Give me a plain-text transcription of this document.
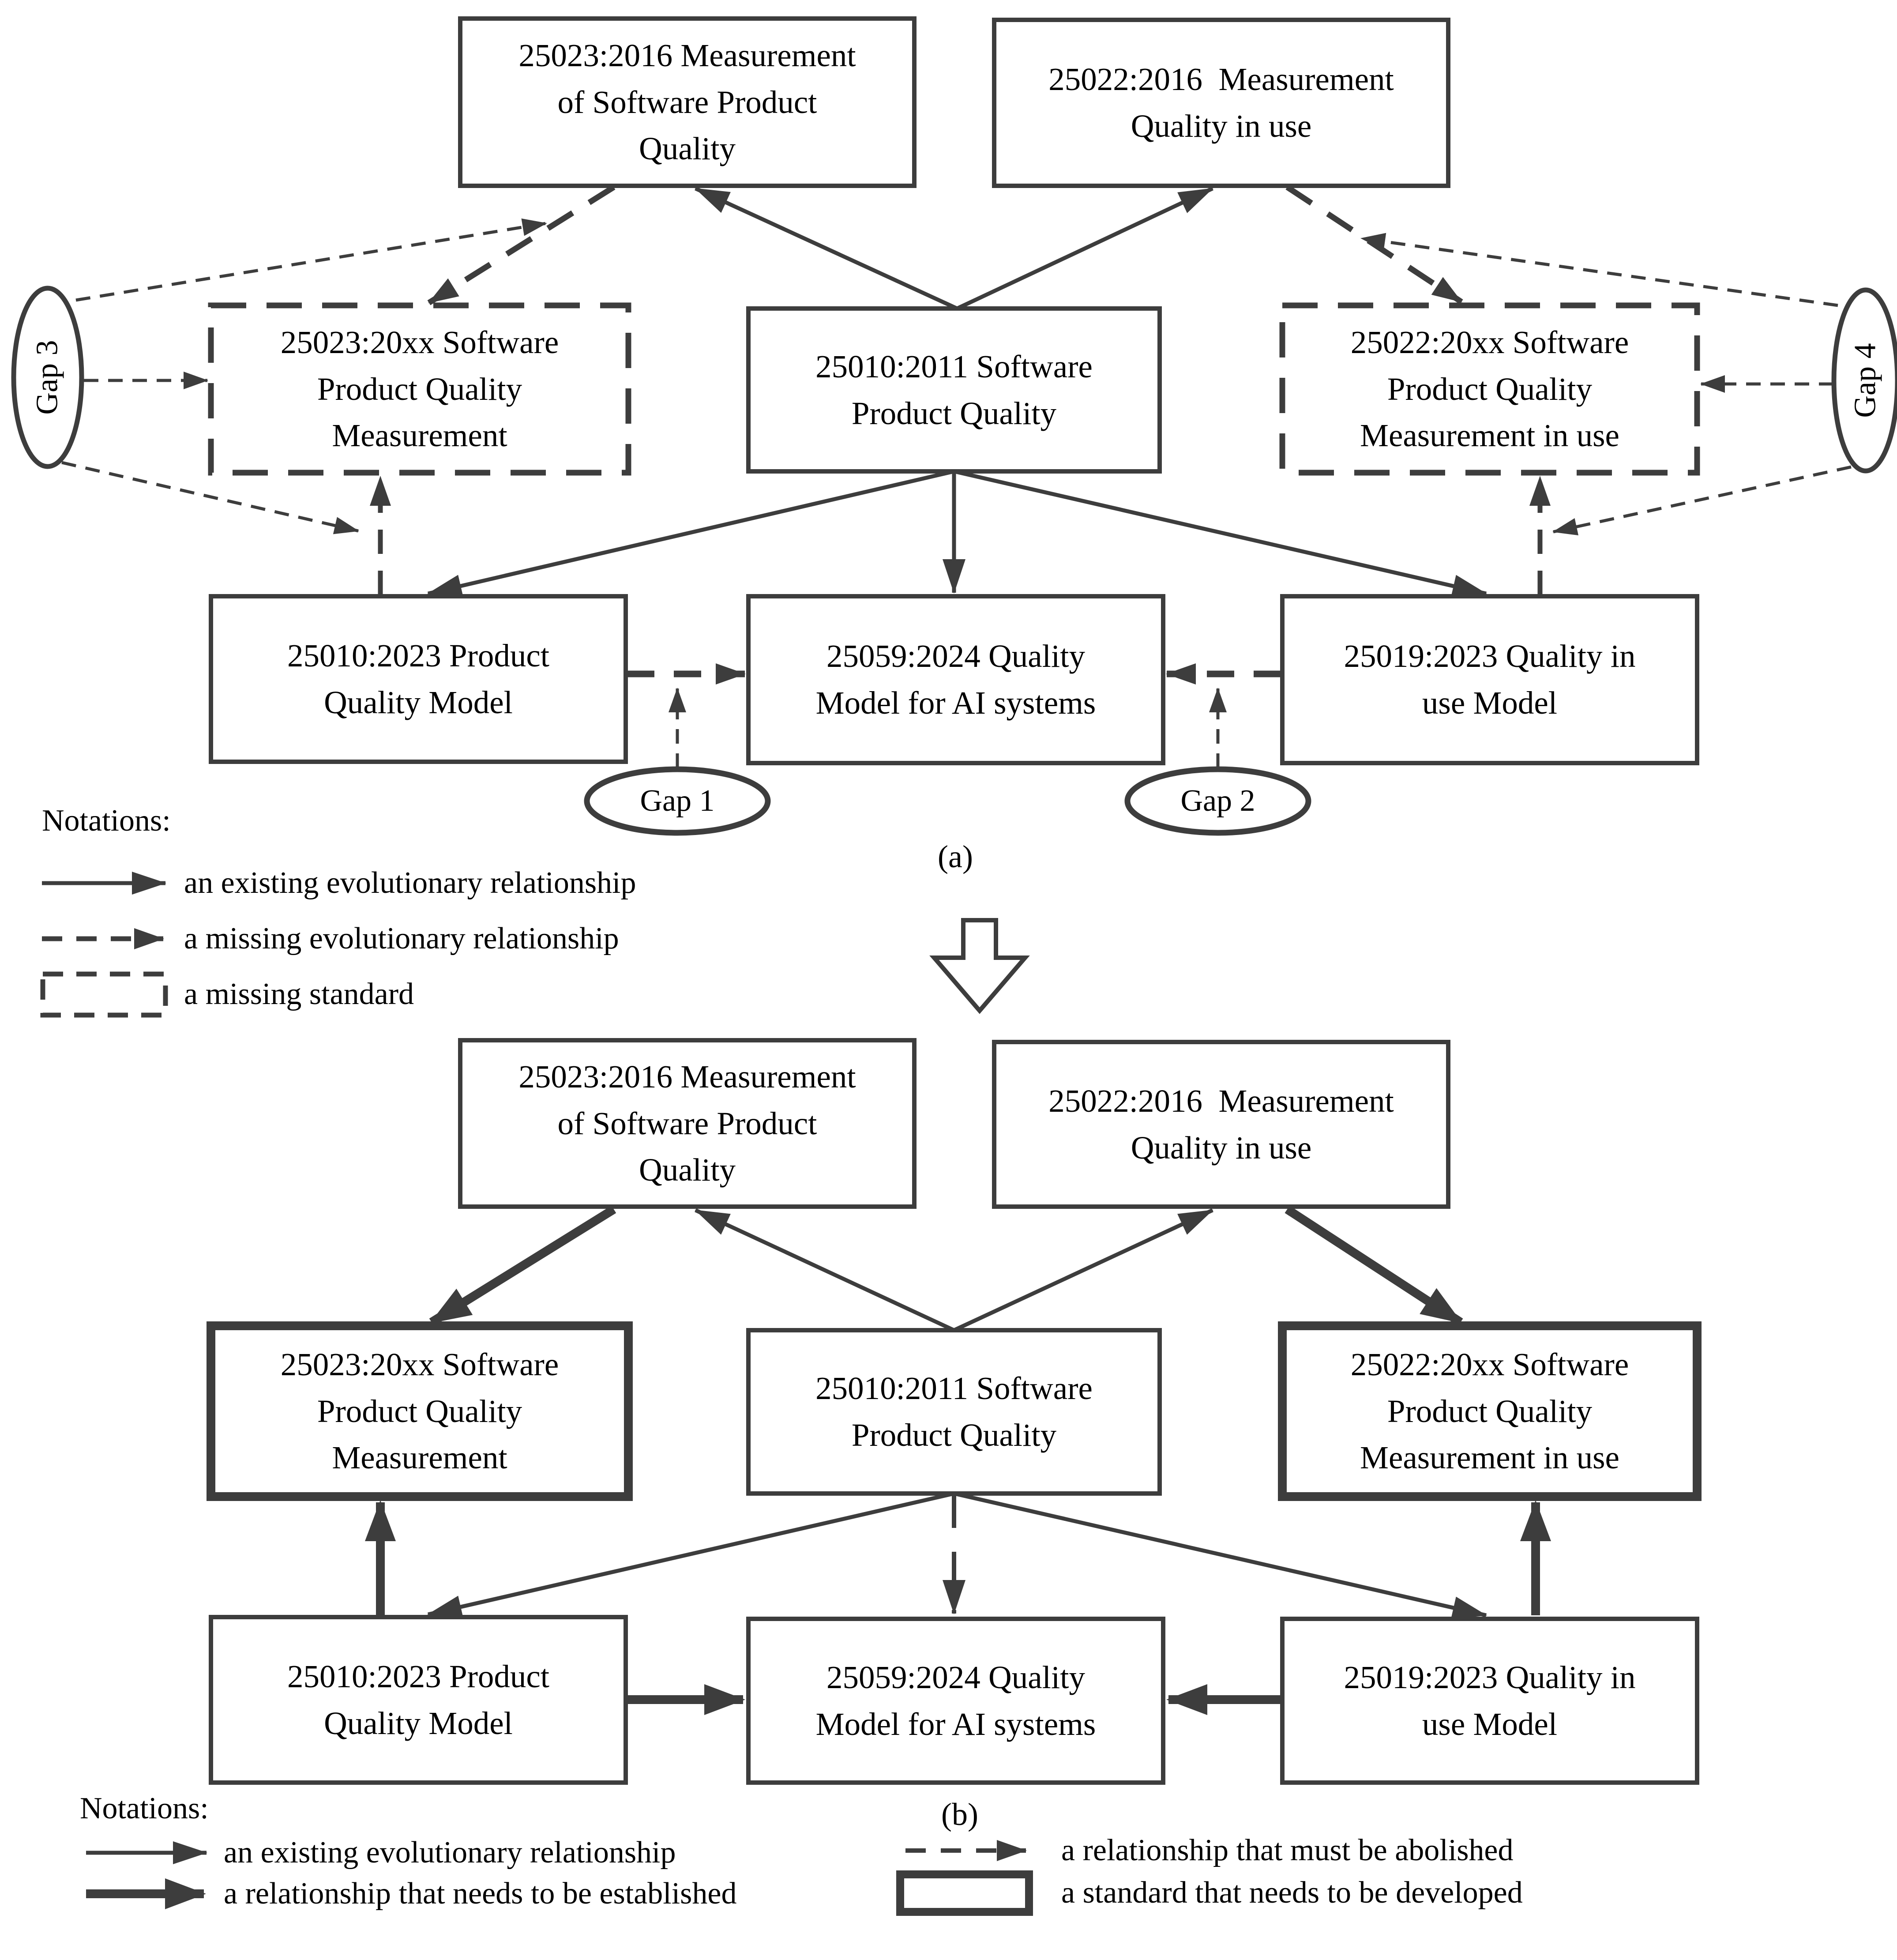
25023:2016 Measurement
of Software Product
Quality
25022:2016  Measurement
Quality in use
25023:20xx Software
Product Quality
Measurement
25010:2011 Software
Product Quality
25022:20xx Software
Product Quality
Measurement in use
25010:2023 Product
Quality Model
25059:2024 Quality
Model for AI systems
25019:2023 Quality in
use Model
Gap 3	Gap 4
Gap 1	Gap 2
Notations:
an existing evolutionary relationship
a missing evolutionary relationship
a missing standard
(a)
25023:2016 Measurement
of Software Product
Quality
25022:2016  Measurement
Quality in use
25023:20xx Software
Product Quality
Measurement
25010:2011 Software
Product Quality
25022:20xx Software
Product Quality
Measurement in use
25010:2023 Product
Quality Model
25059:2024 Quality
Model for AI systems
25019:2023 Quality in
use Model
Notations:	(b)
an existing evolutionary relationship
a relationship that needs to be established
a relationship that must be abolished
a standard that needs to be developed
